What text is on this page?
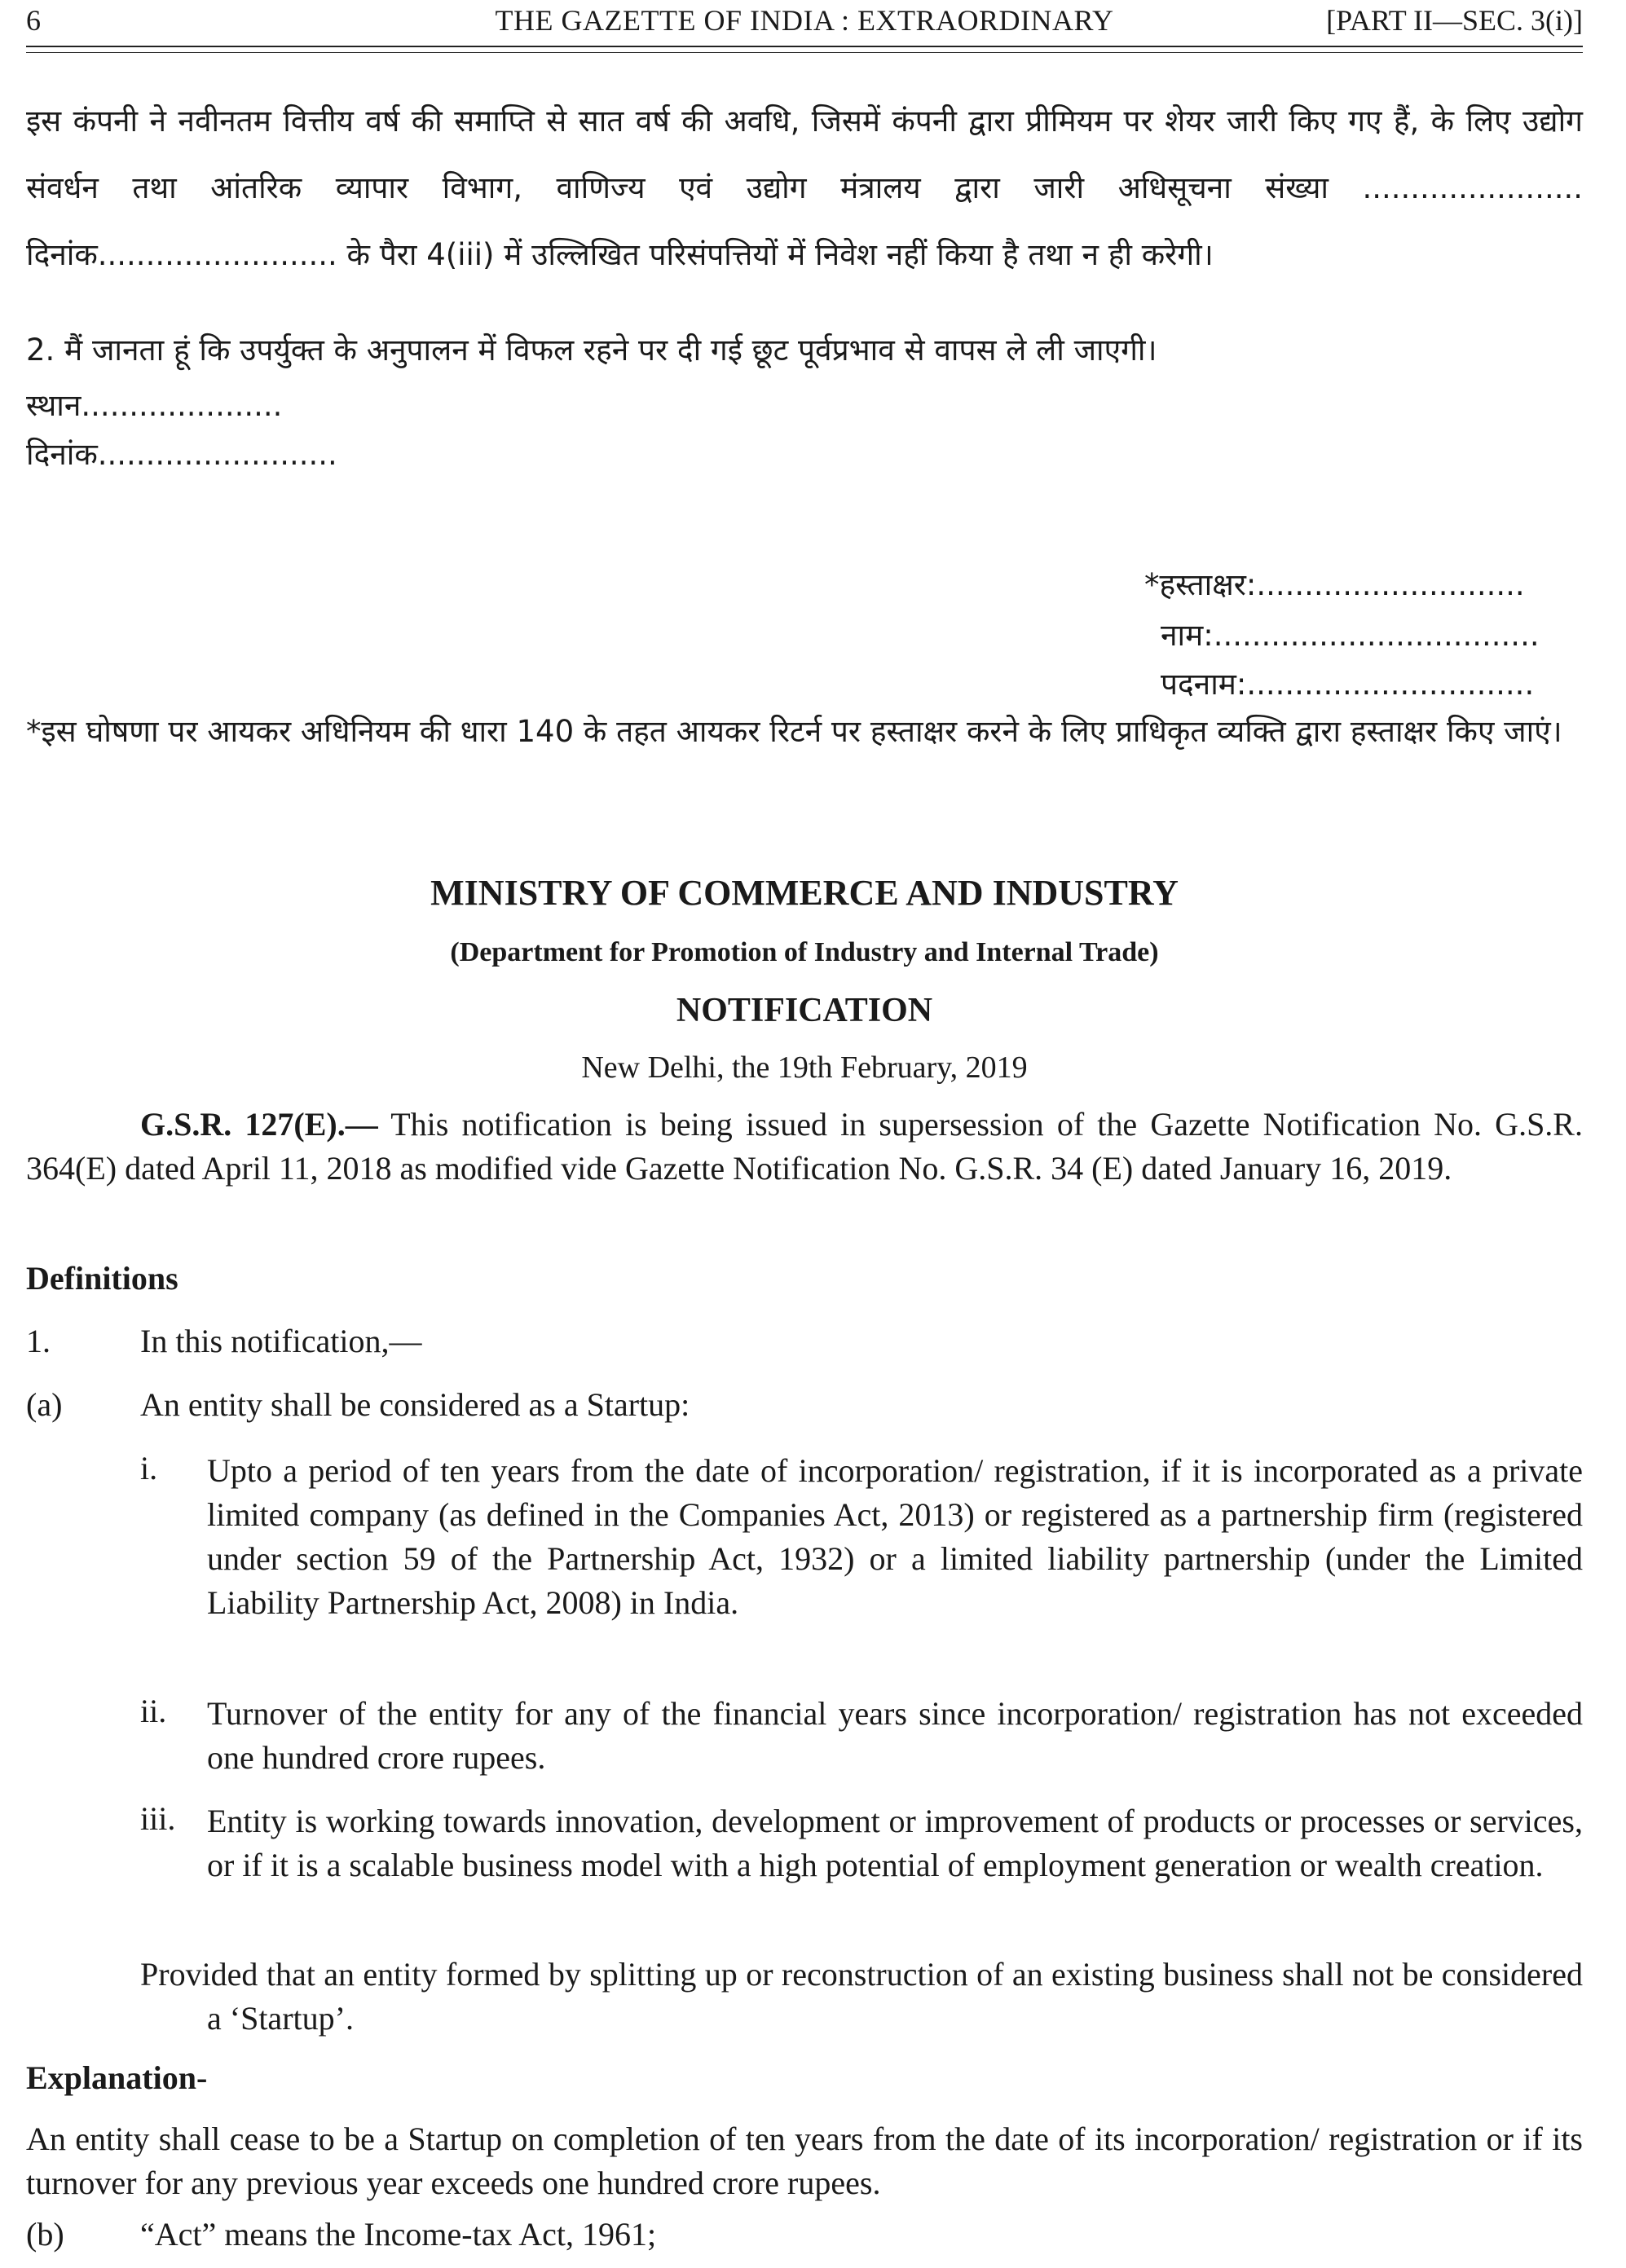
6	THE GAZETTE OF INDIA : EXTRAORDINARY	[PART II—SEC. 3(i)]
इस कंपनी ने नवीनतम वित्तीय वर्ष की समाप्ति से सात वर्ष की अवधि, जिसमें कंपनी द्वारा प्रीमियम पर शेयर जारी किए गए हैं, के लिए उद्योग संवर्धन तथा आंतरिक व्यापार विभाग, वाणिज्य एवं उद्योग मंत्रालय द्वारा जारी अधिसूचना संख्या ....................... दिनांक......................... के पैरा 4(iii) में उल्लिखित परिसंपत्तियों में निवेश नहीं किया है तथा न ही करेगी।
2. मैं जानता हूं कि उपर्युक्त के अनुपालन में विफल रहने पर दी गई छूट पूर्वप्रभाव से वापस ले ली जाएगी।
स्थान.....................
दिनांक.........................
*हस्ताक्षर:............................
नाम:..................................
पदनाम:..............................
*इस घोषणा पर आयकर अधिनियम की धारा 140 के तहत आयकर रिटर्न पर हस्ताक्षर करने के लिए प्राधिकृत व्यक्ति द्वारा हस्ताक्षर किए जाएं।
MINISTRY OF COMMERCE AND INDUSTRY
(Department for Promotion of Industry and Internal Trade)
NOTIFICATION
New Delhi, the 19th February, 2019
G.S.R. 127(E).— This notification is being issued in supersession of the Gazette Notification No. G.S.R. 364(E) dated April 11, 2018 as modified vide Gazette Notification No. G.S.R. 34 (E) dated January 16, 2019.
Definitions
1.	In this notification,—
(a) An entity shall be considered as a Startup:
i. Upto a period of ten years from the date of incorporation/ registration, if it is incorporated as a private limited company (as defined in the Companies Act, 2013) or registered as a partnership firm (registered under section 59 of the Partnership Act, 1932) or a limited liability partnership (under the Limited Liability Partnership Act, 2008) in India.
ii. Turnover of the entity for any of the financial years since incorporation/ registration has not exceeded one hundred crore rupees.
iii. Entity is working towards innovation, development or improvement of products or processes or services, or if it is a scalable business model with a high potential of employment generation or wealth creation.
Provided that an entity formed by splitting up or reconstruction of an existing business shall not be considered a ‘Startup’.
Explanation-
An entity shall cease to be a Startup on completion of ten years from the date of its incorporation/ registration or if its turnover for any previous year exceeds one hundred crore rupees.
(b) “Act” means the Income-tax Act, 1961;
